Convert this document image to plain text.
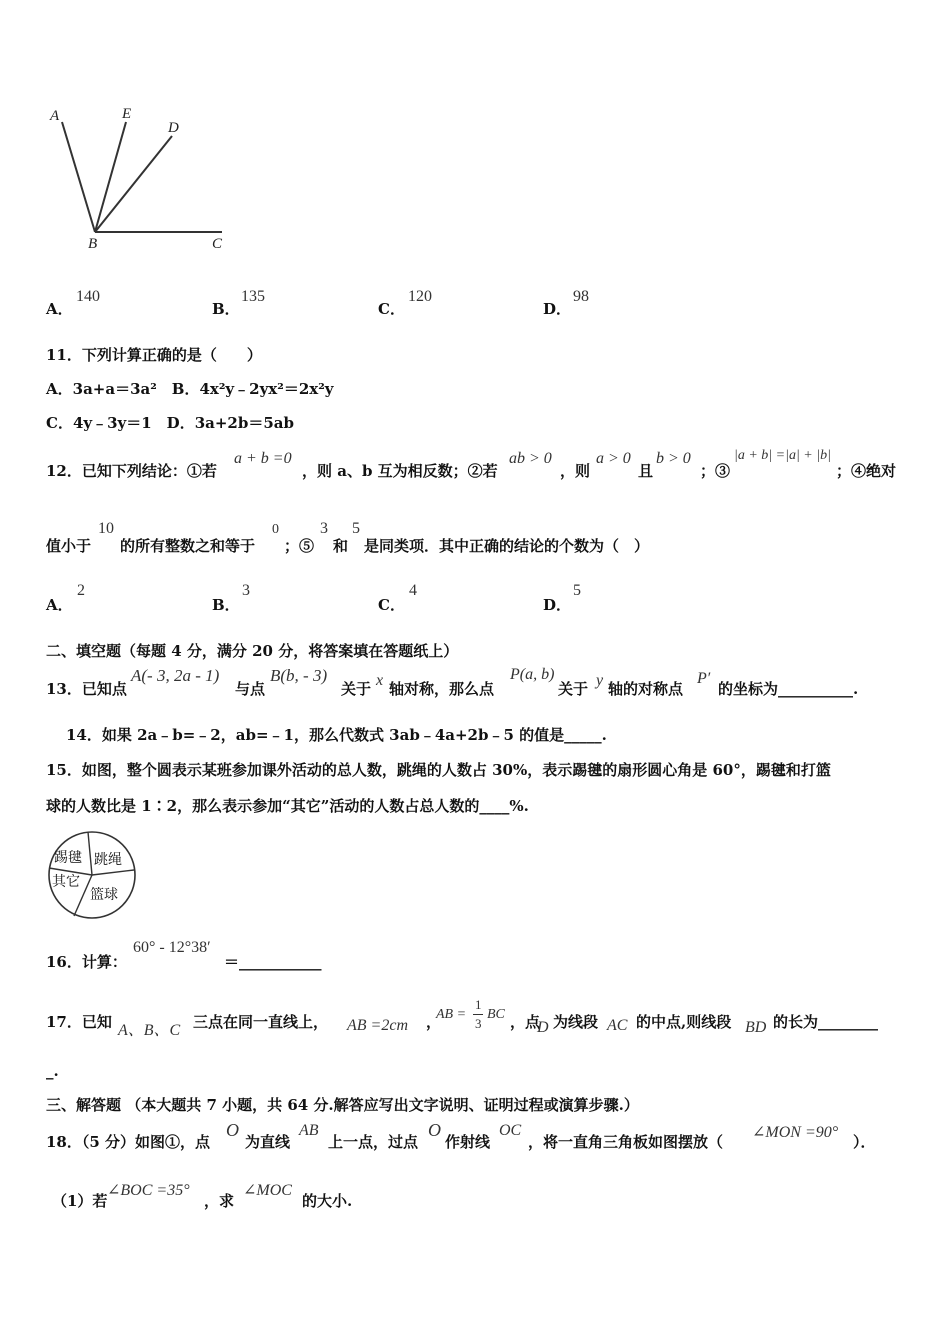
A	E
D
B	C
A．
140
B．
135
C．
120
D．
98
11．下列计算正确的是（　　）
A．3a+a＝3a²　B．4x²y﹣2yx²＝2x²y
C．4y﹣3y＝1　D．3a+2b＝5ab
12．已知下列结论：①若
a + b =0
，则 a、b 互为相反数；②若
ab > 0
，则
a > 0
且
b > 0
；③
|a + b| =|a| + |b|
；④绝对
值小于
10
的所有整数之和等于
0
；⑤
3
和
5
是同类项．其中正确的结论的个数为（　）
A．
2
B．
3
C．
4
D．
5
二、填空题（每题 4 分，满分 20 分，将答案填在答题纸上）
13．已知点
A(- 3, 2a - 1)
与点
B(b, - 3)
关于 x 轴对称，那么点
P(a, b)
关于 y 轴的对称点
P′
的坐标为__________.
14．如果 2a﹣b=﹣2，ab=﹣1，那么代数式 3ab﹣4a+2b﹣5 的值是_____.
15．如图，整个圆表示某班参加课外活动的总人数，跳绳的人数占 30%，表示踢毽的扇形圆心角是 60°，踢毽和打篮
球的人数比是 1∶2，那么表示参加“其它”活动的人数占总人数的____%.
踢毽 跳绳
其它
篮球
16．计算：
60° - 12°38′
＝___________
17．已知 A、B、C 三点在同一直线上， AB =2cm ，
AB =
1
3
BC ，点
D 为线段 AC 的中点,则线段 BD 的长为________
_.
三、解答题 （本大题共 7 小题，共 64 分.解答应写出文字说明、证明过程或演算步骤.）
18．（5 分）如图①，点
O
为直线
AB
上一点，过点
O
作射线
OC
，将一直角三角板如图摆放（
∠MON =90°
）．
（1）若
∠BOC =35°
，求
∠MOC
的大小.
